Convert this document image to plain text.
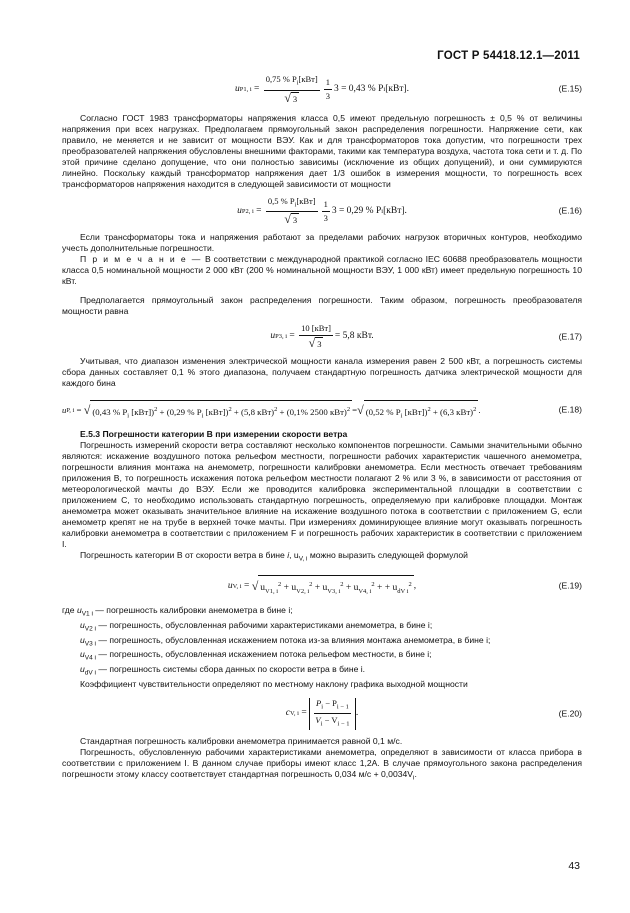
ГОСТ Р 54418.12.1—2011
u P1, $i = \frac{0,75 \% P_i[кВт]}{√ 3} \frac{1}{3} 3 = 0,43$ % P i [кВт].	(Е.15)

Согласно ГОСТ 1983 трансформаторы напряжения класса 0,5 имеют предельную погрешность ± 0,5 % от величины напряжения при всех нагрузках. Предполагаем прямоугольный закон распределения погрешности. Напряжение сети, как правило, не меняется и не зависит от мощности ВЭУ. Как и для трансформаторов тока допустим, что погрешности трех преобразователей напряжения обусловлены внешними факторами, такими как температура воздуха, частота тока сети и т. д. По этой причине сделано допущение, что они полностью зависимы (исключение из общих допущений), и они суммируются линейно. Поскольку каждый трансформатор напряжения дает 1/3 ошибок в измерения мощности, то погрешность всех трансформаторов напряжения находится в следующей зависимости от мощности

u P2, $i = \frac{0,5 \% P_i[кВт]}{√ 3} \frac{1}{3} 3 = 0,29$ % P i [кВт].	(Е.16)

Если трансформаторы тока и напряжения работают за пределами рабочих нагрузок вторичных контуров, необходимо учесть дополнительные погрешности.

П р и м е ч а н и е — В соответствии с международной практикой согласно IEC 60688 преобразователь мощности класса 0,5 номинальной мощности 2 000 кВт (200 % номинальной мощности ВЭУ, 1 000 кВт) имеет предельную погрешность 10 кВт.

Предполагается прямоугольный закон распределения погрешности. Таким образом, погрешность преобразователя мощности равна

u P3, $i = \frac{\text{10 [кВт]}}{√ 3} = 5,8$ кВт.	(Е.17)

Учитывая, что диапазон изменения электрической мощности канала измерения равен 2 500 кВт, а погрешность системы сбора данных составляет 0,1 % этого диапазона, получаем стандартную погрешность датчика электрической мощности для каждого бина

u P, i = √ (0,43 % $P_i$ [кВт])$^2$ + (0,29 % $P_i$ [кВт])$^2$ + (5,8 кВт)$^2$ + (0,1% 2500 кВт)$^2$ = √ (0,52 % $P_i$ [кВт])$^2$ + (6,3 кВт)$^2$ .	(Е.18)
Е.5.3 Погрешности категории В при измерении скорости ветра

Погрешность измерений скорости ветра составляют несколько компонентов погрешности. Самыми значительными обычно являются: искажение воздушного потока рельефом местности, погрешности рабочих характеристик чашечного анемометра, погрешности влияния монтажа на анемометр, погрешности калибровки анемометра. Если местность отвечает требованиям приложения В, то погрешность искажения потока рельефом местности полагают 2 % или 3 %, в зависимости от расстояния от метеорологической мачты до ВЭУ. Если же проводится калибровка экспериментальной площадки в соответствии с приложением С, то необходимо использовать стандартную погрешность, определяемую при калибровке площадки. Монтаж анемометра может оказывать значительное влияние на искажение воздушного потока в соответствии с приложением G, если анемометр крепят не на трубе в верхней точке мачты. При измерениях доминирующее влияние могут оказывать погрешность калибровки анемометра в соответствии с приложением F и погрешность рабочих характеристик в соответствии с приложением I.

Погрешность категории В от скорости ветра в бине i, $u_{V, i}$ можно выразить следующей формулой

u V, i = √ $u_{V1, i}^2 + u_{V2, i}^2 + u_{V3, i}^2 + u_{V4, i}^2$ + + $u_{dV i}^2$ ,	(Е.19)
где $u_{V1 i}$ — погрешность калибровки анемометра в бине i;
$u_{V2 i}$ — погрешность, обусловленная рабочими характеристиками анемометра, в бине i;
$u_{V3 i}$ — погрешность, обусловленная искажением потока из-за влияния монтажа анемометра, в бине i;
$u_{V4 i}$ — погрешность, обусловленная искажением потока рельефом местности, в бине i;
$u_{dV i}$ — погрешность системы сбора данных по скорости ветра в бине i.

Коэффициент чувствительности определяют по местному наклону графика выходной мощности

c V, $i = \frac{P_i - P_{i - 1}}{V_i - V_{i - 1}}$ .	(Е.20)

Стандартная погрешность калибровки анемометра принимается равной 0,1 м/с.

Погрешность, обусловленную рабочими характеристиками анемометра, определяют в зависимости от класса прибора в соответствии с приложением I. В данном случае приборы имеют класс 1,2А. В случае прямоугольного закона распределения погрешности этому классу соответствует стандартная погрешность 0,034 $м/с + 0,0034V_i$.

43
